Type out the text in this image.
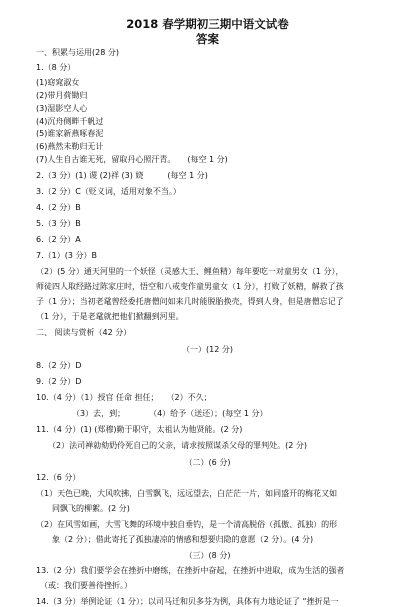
2018 春学期初三期中语文试卷
答案
一、积累与运用(28 分)
1.（8 分）
(1)窈窕淑女
(2)带月荷锄归
(3)湿影空人心
(4)沉舟侧畔千帆过
(5)谁家新燕啄春泥
(6)燕然未勒归无计
(7)人生自古谁无死，留取丹心照汗青。　　(每空 1 分)
2.（3 分）(1) 谡 (2)祥 (3) 娆　　　(每空 1 分)
3.（2 分）C（贬义词，适用对象不当。）
4.（2 分）B
5.（3 分）B
6.（2 分）A
7.（1）(3 分）B
（2）(5 分）通天河里的一个妖怪（灵感大王、鲤鱼精）每年要吃一对童男女（1 分），
师徒四人取经路过陈家庄时，悟空和八戒变作童男童女（1 分），打败了妖精，解救了孩
子（1 分）；当初老鼋曾经委托唐僧问如来几时能脱胎换壳，得到人身，但是唐僧忘记了
（1 分），于是老鼋就把他们掀翻到河里。
二、 阅读与赏析（42 分）
（一）(12 分)
8.（2 分）D
9.（2 分）D
10.（4 分）（1）授官 任命 担任；　　（2）不久；
　　　　　（3）去，到；　　　　（4）给予（送还）；(每空 1 分）
11.（4 分）(1) (郑穆)勤于职守，太祖认为他贤能。(2 分)
　　（2）法司禅勍劾奶伶死自己的父亲，请求按照谋杀父母的罪判处。(2 分)
（二）(6 分)
12.（6 分）
（1）天色已晚，大风吹拂，白雪飘飞，远远望去，白茫茫一片，如同盛开的梅花又如
　　同飘飞的柳絮。(2 分)
（2）在风雪如画，大雪飞舞的环境中独自垂钓，是一个清高脱俗（孤傲、孤独）的形
　　象（2 分）；借此寄托了孤独凄凉的情感和想要归隐的意愿（2 分）。(4 分)
（三）(8 分)
13.（2 分）我们要学会在挫折中磨练，在挫折中奋起，在挫折中进取，成为生活的强者
　（或：我们要善待挫折。）
14.（3 分）举例论证（1 分）；以司马迁和贝多芬为例，具体有力地论证了 “挫折是一
